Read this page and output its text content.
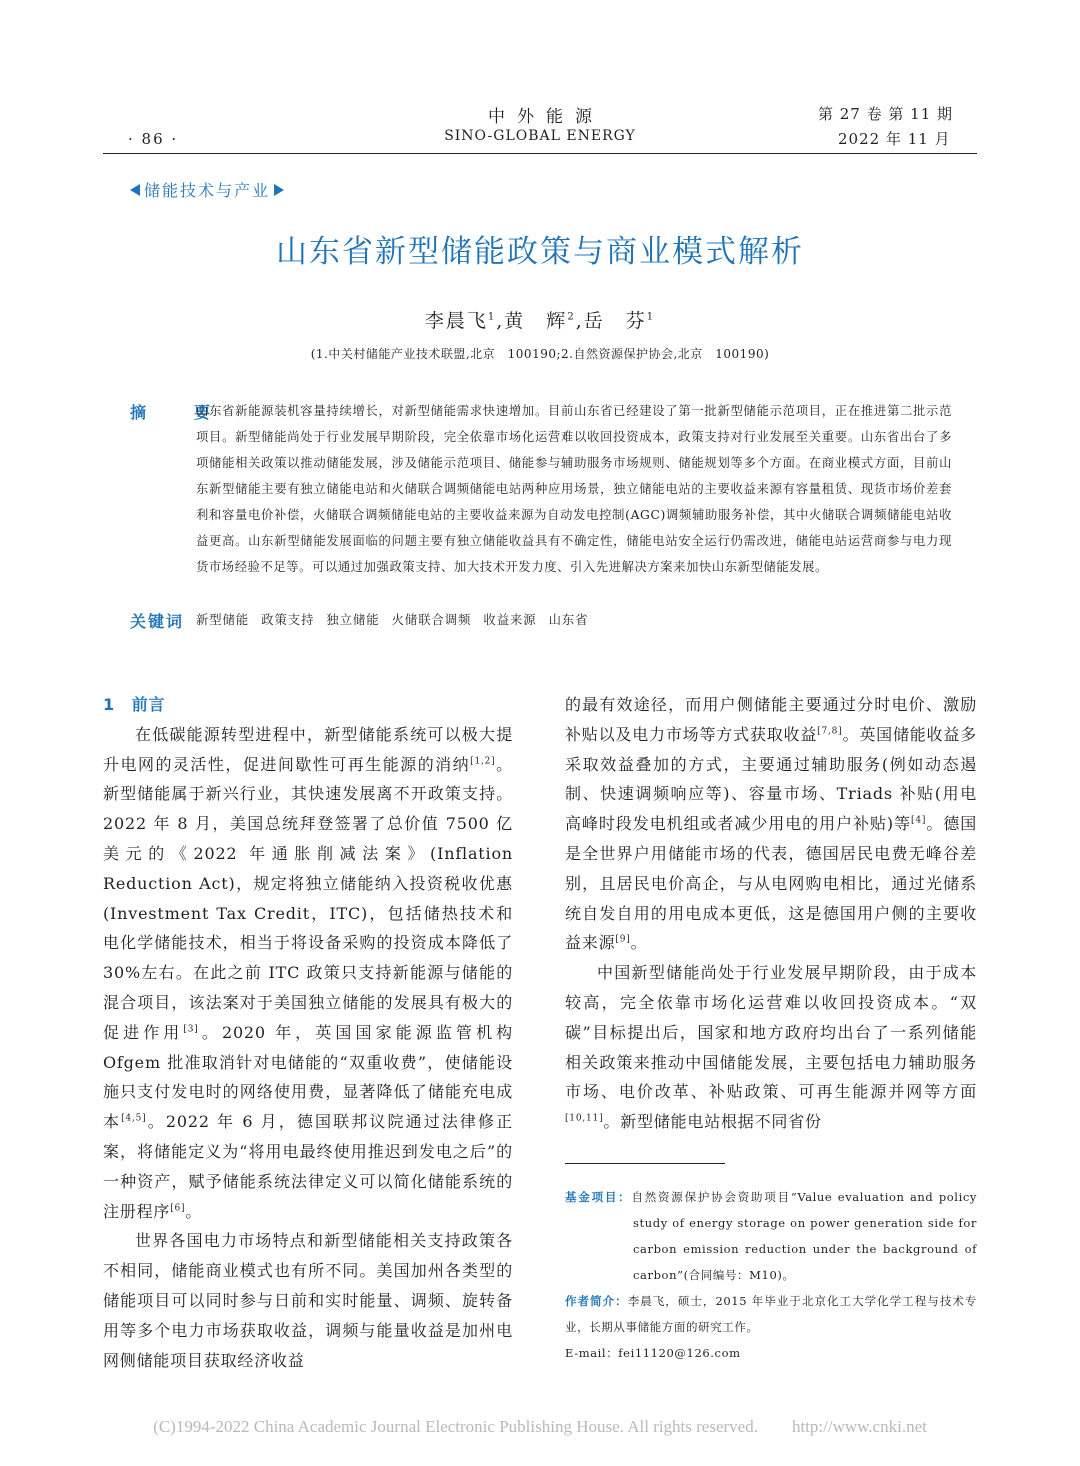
· 86 ·
中外能源
SINO-GLOBAL ENERGY
第 27 卷 第 11 期
2022 年 11 月
储能技术与产业
山东省新型储能政策与商业模式解析
李晨飞$^1$,黄　辉$^2$,岳　芬$^1$
(1.中关村储能产业技术联盟,北京　100190;2.自然资源保护协会,北京　100190)
摘　要
山东省新能源装机容量持续增长，对新型储能需求快速增加。目前山东省已经建设了第一批新型储能示范项目，正在推进第二批示范项目。新型储能尚处于行业发展早期阶段，完全依靠市场化运营难以收回投资成本，政策支持对行业发展至关重要。山东省出台了多项储能相关政策以推动储能发展，涉及储能示范项目、储能参与辅助服务市场规则、储能规划等多个方面。在商业模式方面，目前山东新型储能主要有独立储能电站和火储联合调频储能电站两种应用场景，独立储能电站的主要收益来源有容量租赁、现货市场价差套利和容量电价补偿，火储联合调频储能电站的主要收益来源为自动发电控制(AGC)调频辅助服务补偿，其中火储联合调频储能电站收益更高。山东新型储能发展面临的问题主要有独立储能收益具有不确定性，储能电站安全运行仍需改进，储能电站运营商参与电力现货市场经验不足等。可以通过加强政策支持、加大技术开发力度、引入先进解决方案来加快山东新型储能发展。
关键词 新型储能 政策支持 独立储能 火储联合调频 收益来源 山东省

1　前言

在低碳能源转型进程中，新型储能系统可以极大提升电网的灵活性，促进间歇性可再生能源的消纳[1,2]。新型储能属于新兴行业，其快速发展离不开政策支持。2022 年 8 月，美国总统拜登签署了总价值 7500 亿美元的《2022 年通胀削减法案》(Inflation Reduction Act)，规定将独立储能纳入投资税收优惠(Investment Tax Credit，ITC)，包括储热技术和电化学储能技术，相当于将设备采购的投资成本降低了 30%左右。在此之前 ITC 政策只支持新能源与储能的混合项目，该法案对于美国独立储能的发展具有极大的促进作用[3]。2020 年，英国国家能源监管机构 Ofgem 批准取消针对电储能的“双重收费”，使储能设施只支付发电时的网络使用费，显著降低了储能充电成本[4,5]。2022 年 6 月，德国联邦议院通过法律修正案，将储能定义为“将用电最终使用推迟到发电之后”的一种资产，赋予储能系统法律定义可以简化储能系统的注册程序[6]。

世界各国电力市场特点和新型储能相关支持政策各不相同，储能商业模式也有所不同。美国加州各类型的储能项目可以同时参与日前和实时能量、调频、旋转备用等多个电力市场获取收益，调频与能量收益是加州电网侧储能项目获取经济收益

的最有效途径，而用户侧储能主要通过分时电价、激励补贴以及电力市场等方式获取收益[7,8]。英国储能收益多采取效益叠加的方式，主要通过辅助服务(例如动态遏制、快速调频响应等)、容量市场、Triads 补贴(用电高峰时段发电机组或者减少用电的用户补贴)等[4]。德国是全世界户用储能市场的代表，德国居民电费无峰谷差别，且居民电价高企，与从电网购电相比，通过光储系统自发自用的用电成本更低，这是德国用户侧的主要收益来源[9]。

中国新型储能尚处于行业发展早期阶段，由于成本较高，完全依靠市场化运营难以收回投资成本。“双碳”目标提出后，国家和地方政府均出台了一系列储能相关政策来推动中国储能发展，主要包括电力辅助服务市场、电价改革、补贴政策、可再生能源并网等方面[10,11]。新型储能电站根据不同省份

基金项目：自然资源保护协会资助项目“Value evaluation and policy study of energy storage on power generation side for carbon emission reduction under the background of carbon”(合同编号：M10)。
作者简介：李晨飞，硕士，2015 年毕业于北京化工大学化学工程与技术专业，长期从事储能方面的研究工作。
E-mail：fei11120@126.com
(C)1994-2022 China Academic Journal Electronic Publishing House. All rights reserved.　　http://www.cnki.net
